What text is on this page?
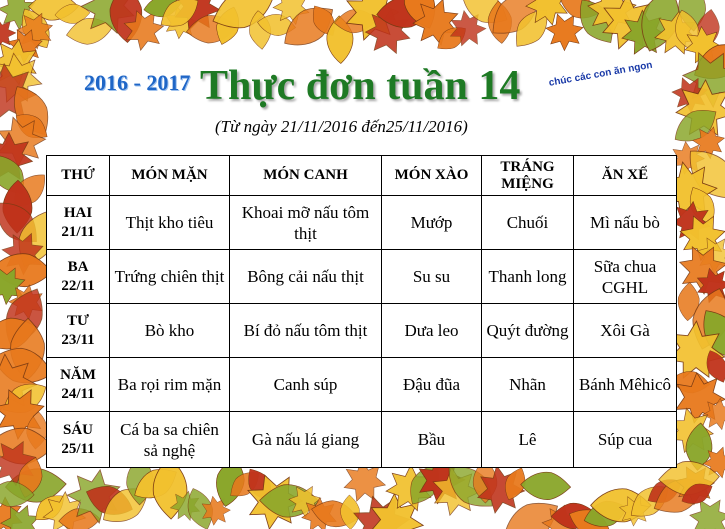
2016 - 2017 Thực đơn tuần 14	chúc các con ăn ngon
(Từ ngày 21/11/2016 đến25/11/2016)
THỨ	MÓN MẶN	MÓN CANH	MÓN XÀO	TRÁNG MIỆNG	ĂN XẾ
HAI
21/11	Thịt kho tiêu	Khoai mỡ nấu tôm thịt	Mướp	Chuối	Mì nấu bò
BA
22/11	Trứng chiên thịt	Bông cải nấu thịt	Su su	Thanh long	Sữa chua CGHL
TƯ
23/11	Bò kho	Bí đỏ nấu tôm thịt	Dưa leo	Quýt đường	Xôi Gà
NĂM
24/11	Ba rọi rim mặn	Canh súp	Đậu đũa	Nhãn	Bánh Mêhicô
SÁU
25/11	Cá ba sa chiên sả nghệ	Gà nấu lá giang	Bầu	Lê	Súp cua
